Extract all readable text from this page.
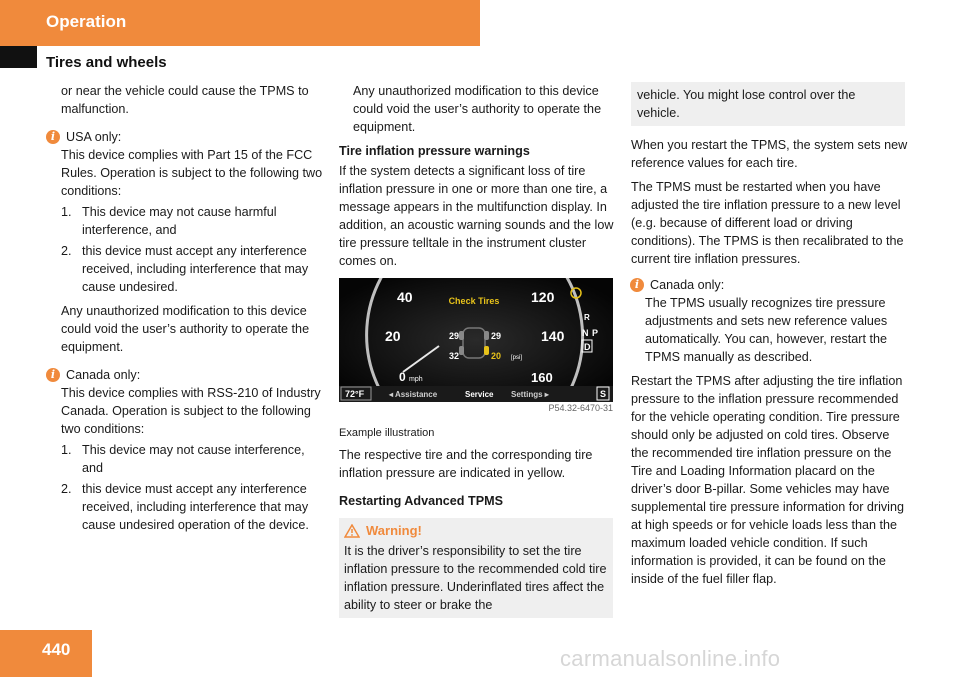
Operation
Tires and wheels

or near the vehicle could cause the TPMS to malfunction.

i USA only:

This device complies with Part 15 of the FCC Rules. Operation is subject to the following two conditions:

1. This device may not cause harmful interference, and
2. this device must accept any interference received, including interference that may cause undesired.

Any unauthorized modification to this device could void the user’s authority to operate the equipment.

i Canada only:

This device complies with RSS-210 of Industry Canada. Operation is subject to the following two conditions:

1. This device may not cause interference, and
2. this device must accept any interference received, including interference that may cause undesired operation of the device.

Any unauthorized modification to this device could void the user’s authority to operate the equipment.

Tire inflation pressure warnings

If the system detects a significant loss of tire inflation pressure in one or more than one tire, a message appears in the multifunction display. In addition, an acoustic warning sounds and the low tire pressure telltale in the instrument cluster comes on.

40
20
0 mph
120
140
160
Check Tires
29	29
32	20 [psi]
R
N P
D
72°F	◂ Assistance	Service Settings ▸	S
P54.32-6470-31
Example illustration

The respective tire and the corresponding tire inflation pressure are indicated in yellow.

Restarting Advanced TPMS
Warning!
It is the driver’s responsibility to set the tire inflation pressure to the recommended cold tire inflation pressure. Underinflated tires affect the ability to steer or brake the
vehicle. You might lose control over the vehicle.

When you restart the TPMS, the system sets new reference values for each tire.

The TPMS must be restarted when you have adjusted the tire inflation pressure to a new level (e.g. because of different load or driving conditions). The TPMS is then recalibrated to the current tire inflation pressures.

i Canada only:

The TPMS usually recognizes tire pressure adjustments and sets new reference values automatically. You can, however, restart the TPMS manually as described.

Restart the TPMS after adjusting the tire inflation pressure to the inflation pressure recommended for the vehicle operating condition. Tire pressure should only be adjusted on cold tires. Observe the recommended tire inflation pressure on the Tire and Loading Information placard on the driver’s door B-pillar. Some vehicles may have supplemental tire pressure information for driving at high speeds or for vehicle loads less than the maximum loaded vehicle condition. If such information is provided, it can be found on the inside of the fuel filler flap.

440	carmanualsonline.info
